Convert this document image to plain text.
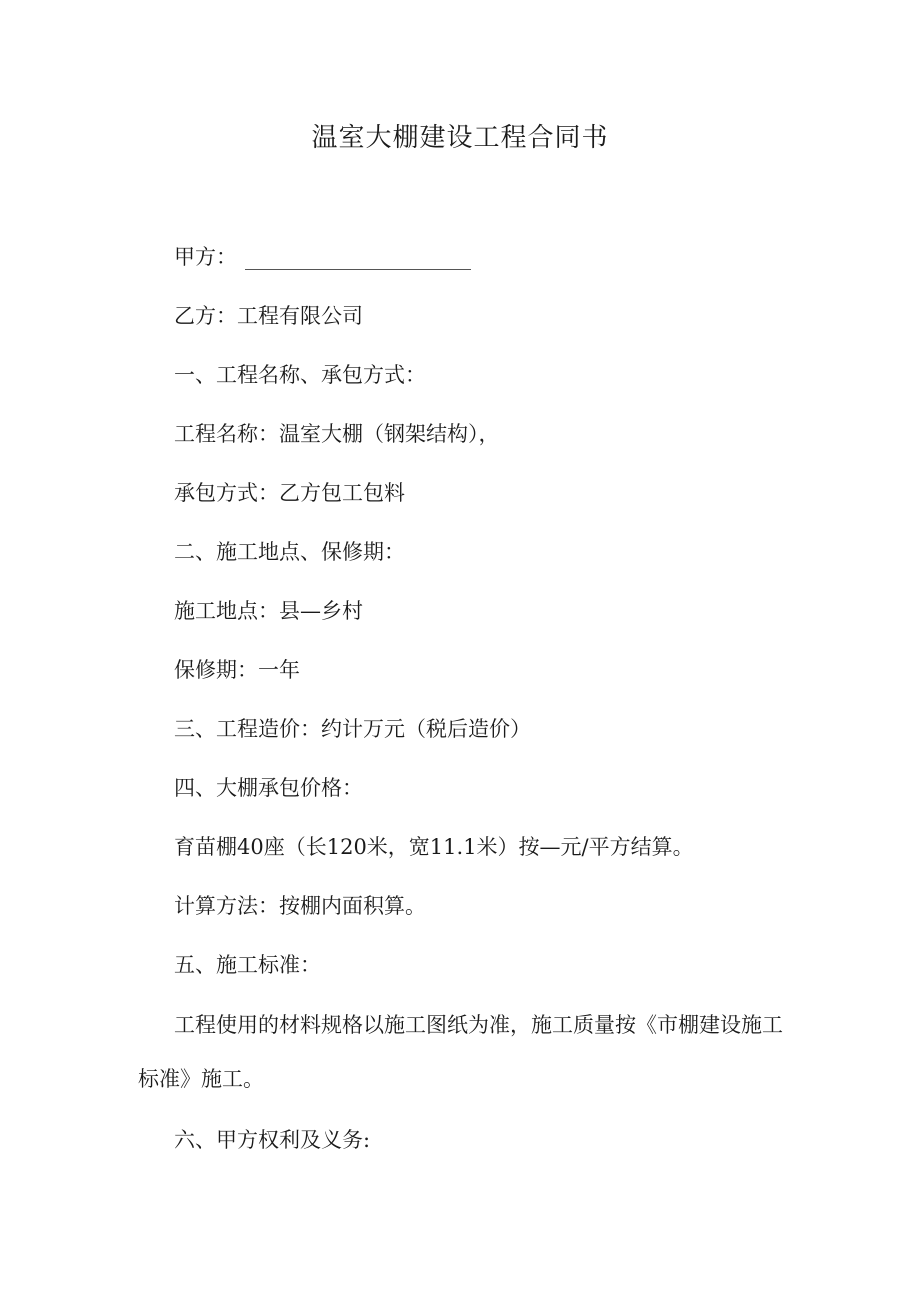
温室大棚建设工程合同书

甲方：

乙方：工程有限公司

一、工程名称、承包方式：

工程名称：温室大棚（钢架结构），

承包方式：乙方包工包料

二、施工地点、保修期：

施工地点：县—乡村

保修期：一年

三、工程造价：约计万元（税后造价）

四、大棚承包价格：

育苗棚40座（长120米，宽11.1米）按—元/平方结算。

计算方法：按棚内面积算。

五、施工标准：

工程使用的材料规格以施工图纸为准，施工质量按《市棚建设施工标准》施工。

六、甲方权利及义务:
